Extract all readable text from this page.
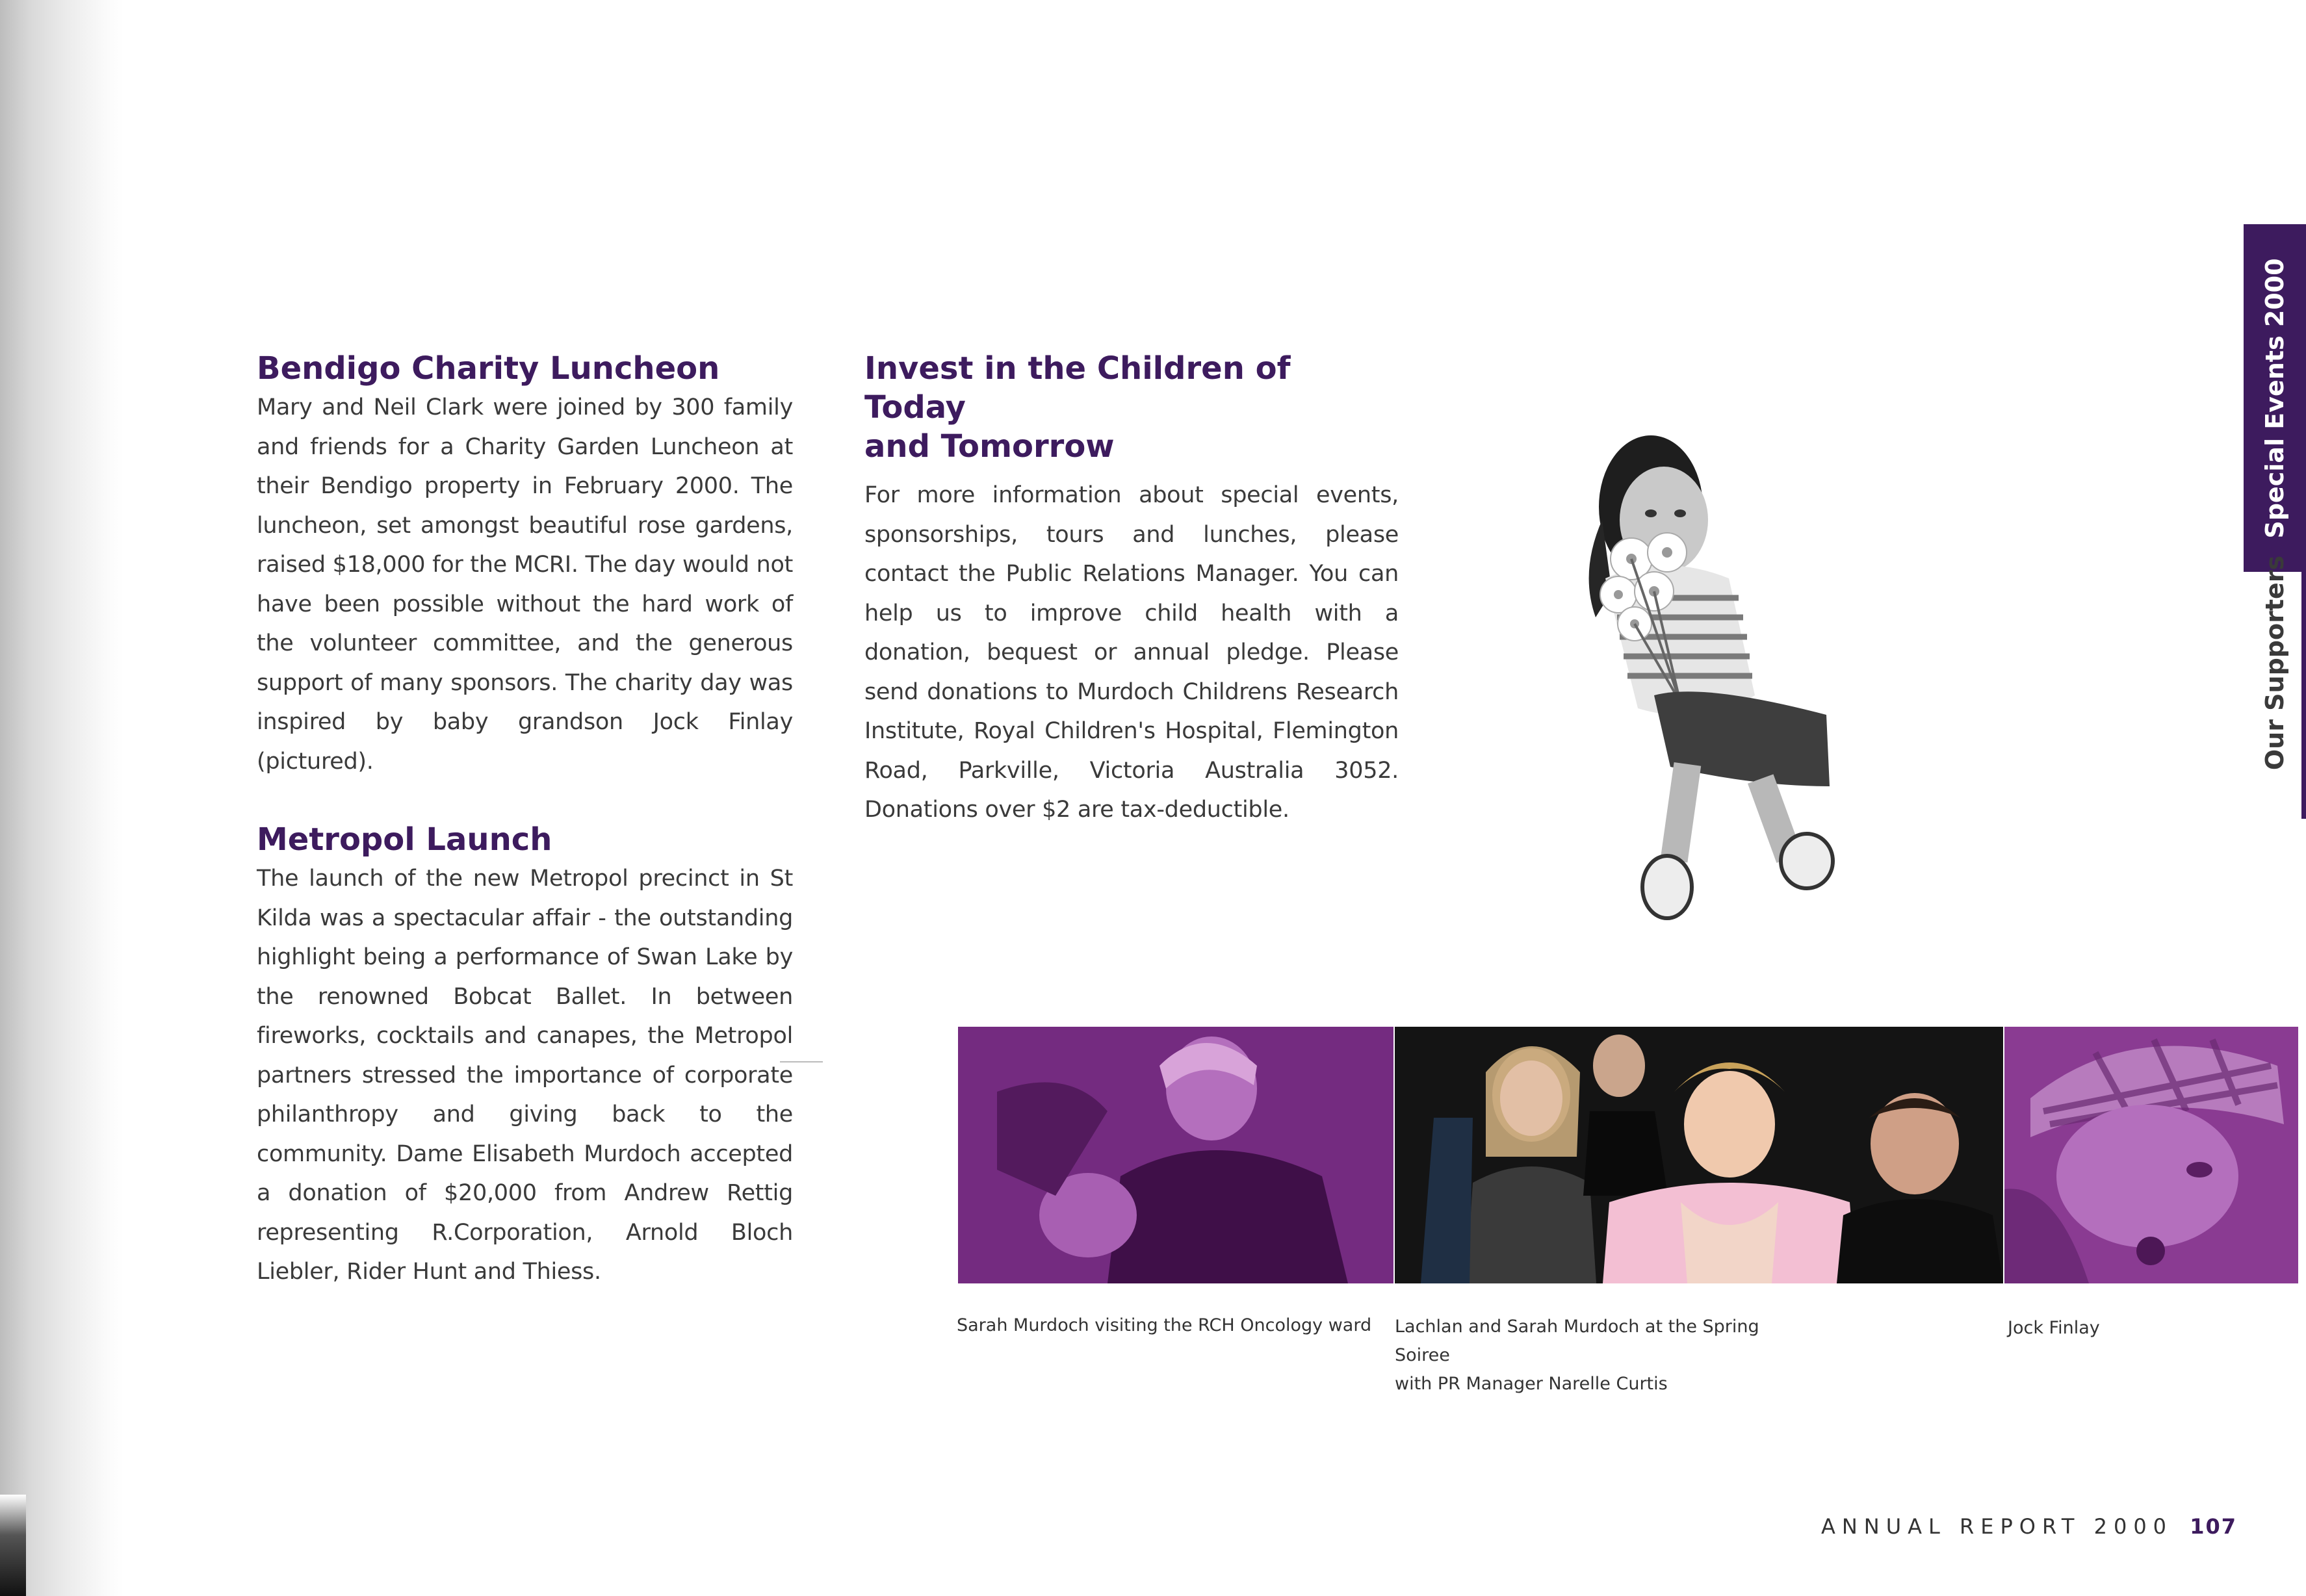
Bendigo Charity Luncheon

Mary and Neil Clark were joined by 300 family and friends for a Charity Garden Luncheon at their Bendigo property in February 2000. The luncheon, set amongst beautiful rose gardens, raised $18,000 for the MCRI. The day would not have been possible without the hard work of the volunteer committee, and the generous support of many sponsors. The charity day was inspired by baby grandson Jock Finlay (pictured).

Metropol Launch

The launch of the new Metropol precinct in St Kilda was a spectacular affair - the outstanding highlight being a performance of Swan Lake by the renowned Bobcat Ballet. In between fireworks, cocktails and canapes, the Metropol partners stressed the importance of corporate philanthropy and giving back to the community. Dame Elisabeth Murdoch accepted a donation of $20,000 from Andrew Rettig representing R.Corporation, Arnold Bloch Liebler, Rider Hunt and Thiess.

Invest in the Children of Today
and Tomorrow

For more information about special events, sponsorships, tours and lunches, please contact the Public Relations Manager. You can help us to improve child health with a donation, bequest or annual pledge. Please send donations to Murdoch Childrens Research Institute, Royal Children's Hospital, Flemington Road, Parkville, Victoria Australia 3052. Donations over $2 are tax-deductible.

Sarah Murdoch visiting the RCH Oncology ward Lachlan and Sarah Murdoch at the Spring Soiree
with PR Manager Narelle Curtis
Jock Finlay
Special Events 2000
Our Supporters
ANNUAL REPORT 2000 107
